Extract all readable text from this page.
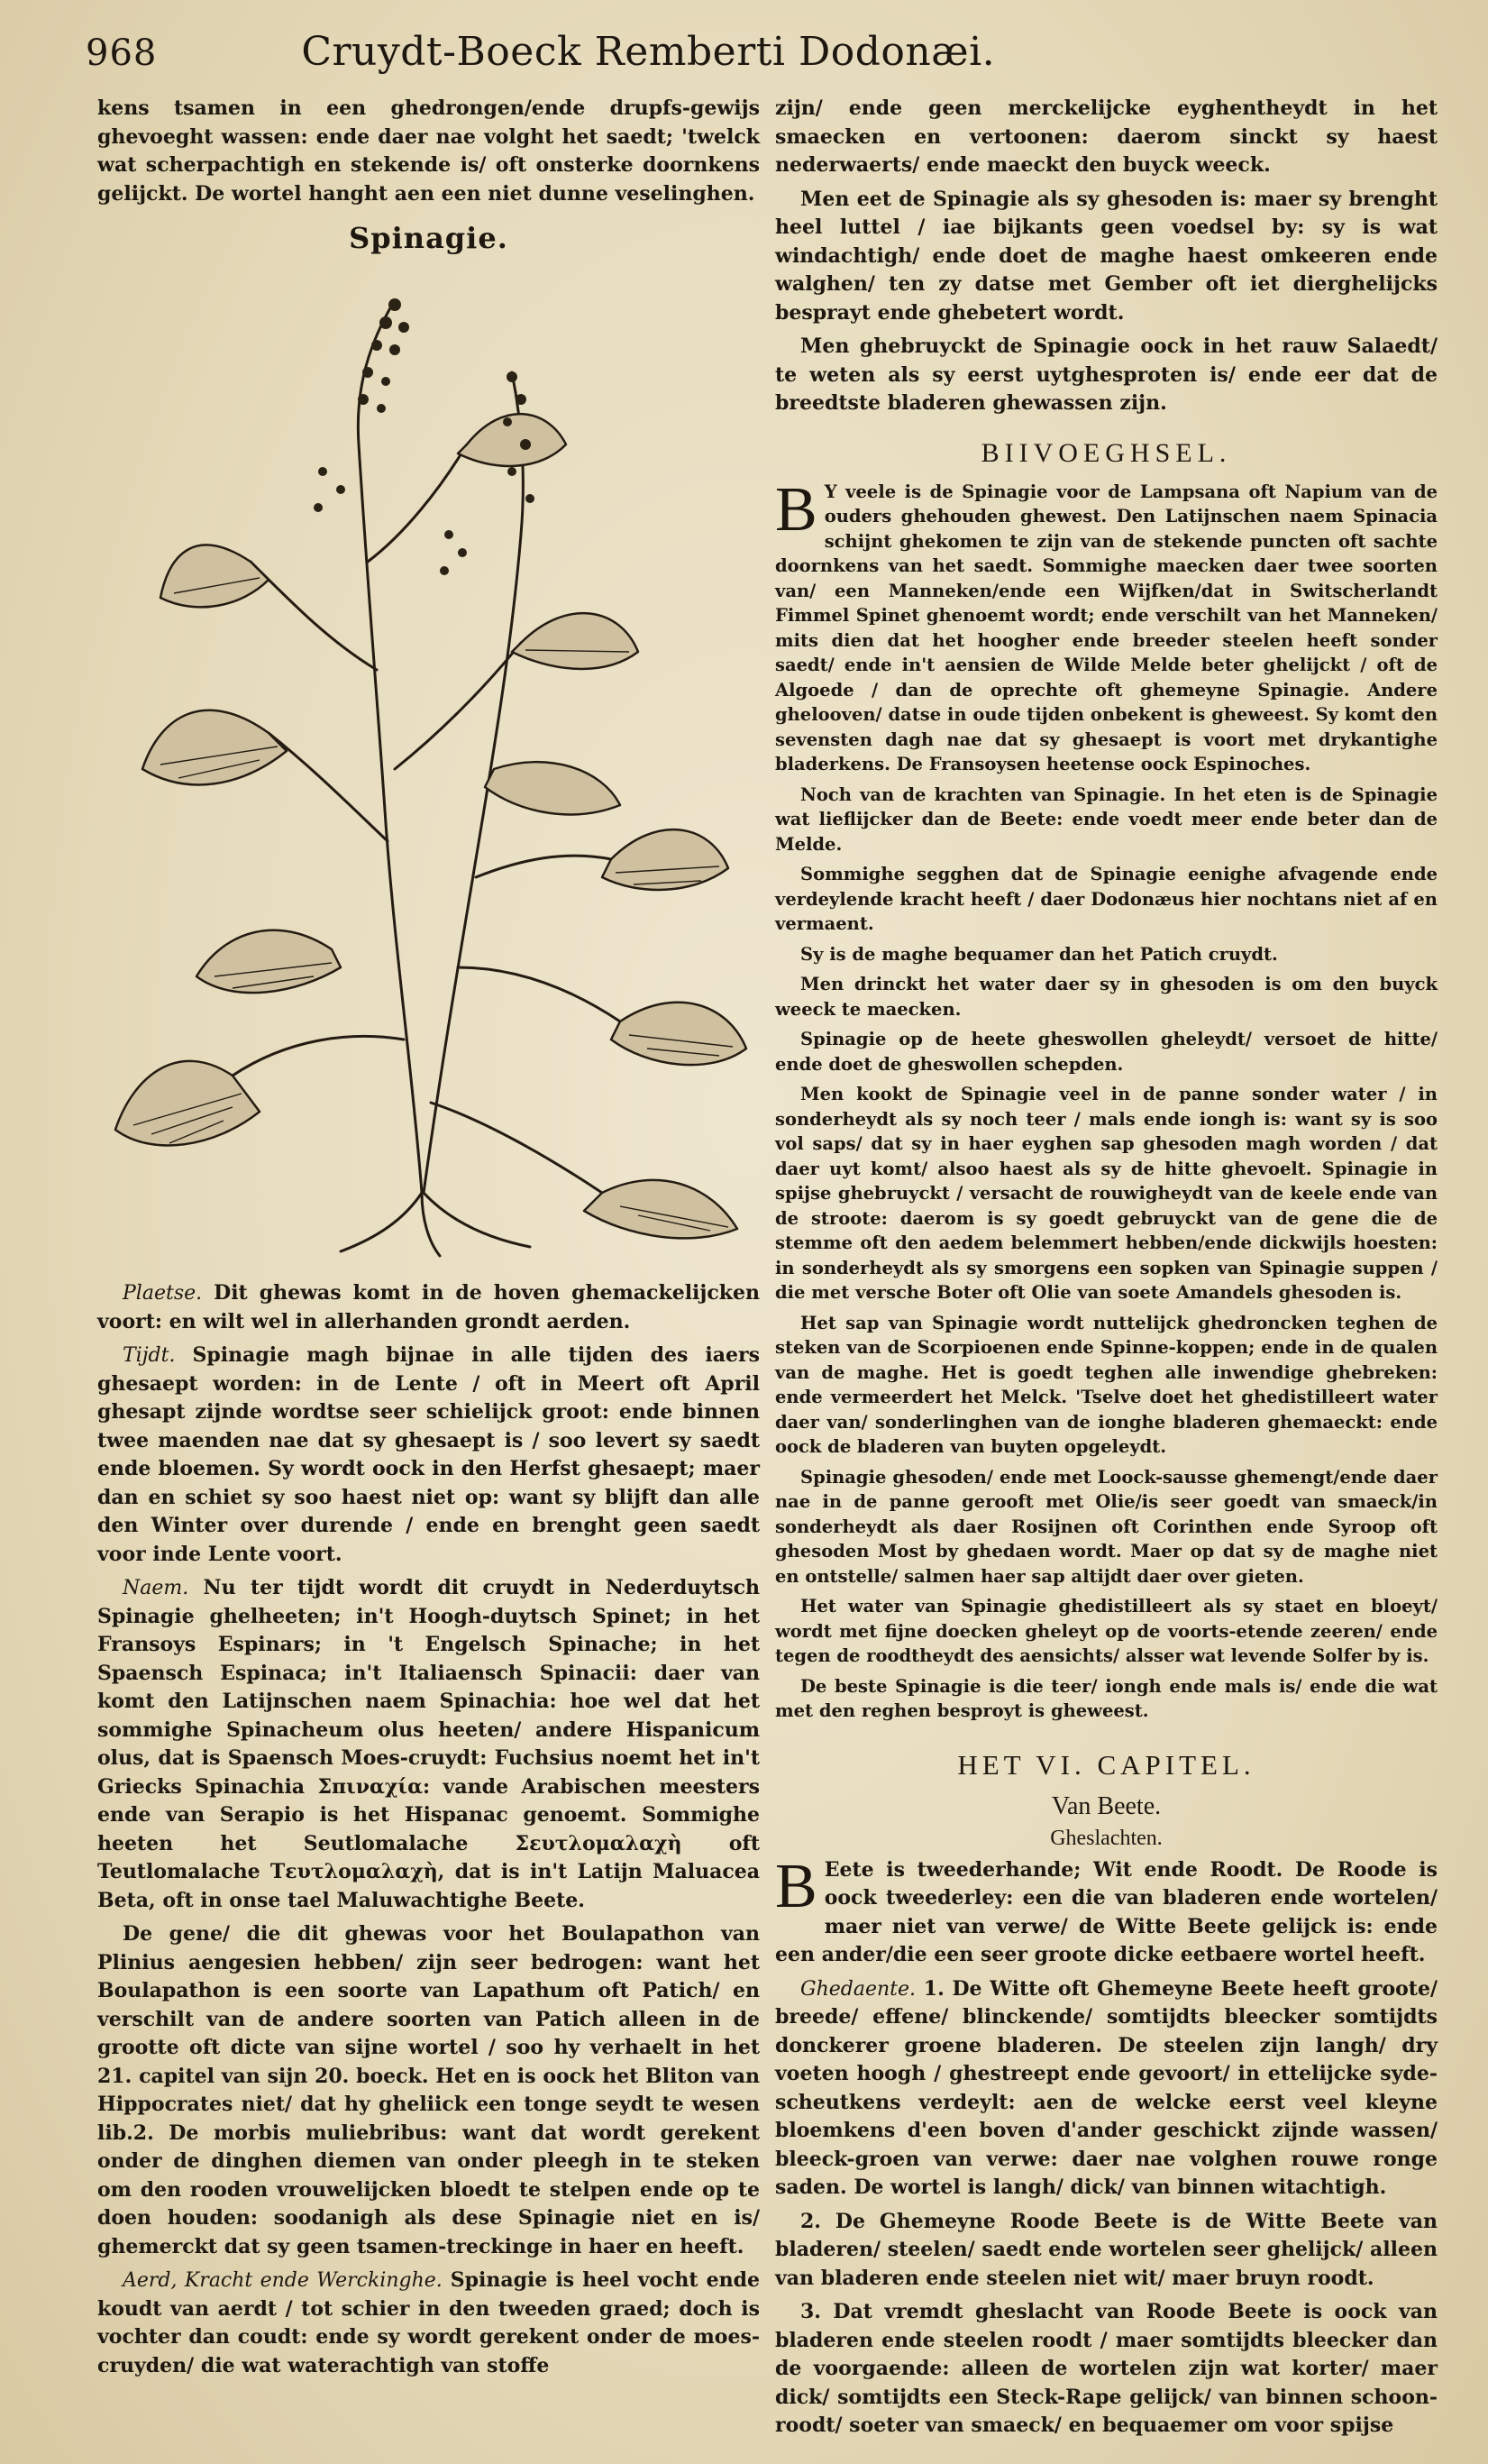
968	Cruydt-Boeck Remberti Dodonæi.

kens tsamen in een ghedrongen/ende drupfs-gewijs ghevoeght wassen: ende daer nae volght het saedt; 'twelck wat scherpachtigh en stekende is/ oft onsterke doornkens gelijckt. De wortel hanght aen een niet dunne veselinghen.

Spinagie.

Plaetse. Dit ghewas komt in de hoven ghemackelijcken voort: en wilt wel in allerhanden grondt aerden.

Tijdt. Spinagie magh bijnae in alle tijden des iaers ghesaept worden: in de Lente / oft in Meert oft April ghesapt zijnde wordtse seer schielijck groot: ende binnen twee maenden nae dat sy ghesaept is / soo levert sy saedt ende bloemen. Sy wordt oock in den Herfst ghesaept; maer dan en schiet sy soo haest niet op: want sy blijft dan alle den Winter over durende / ende en brenght geen saedt voor inde Lente voort.

Naem. Nu ter tijdt wordt dit cruydt in Nederduytsch Spinagie ghelheeten; in't Hoogh-duytsch Spinet; in het Fransoys Espinars; in 't Engelsch Spinache; in het Spaensch Espinaca; in't Italiaensch Spinacii: daer van komt den Latijnschen naem Spinachia: hoe wel dat het sommighe Spinacheum olus heeten/ andere Hispanicum olus, dat is Spaensch Moes-cruydt: Fuchsius noemt het in't Griecks Spinachia Σπιναχία: vande Arabischen meesters ende van Serapio is het Hispanac genoemt. Sommighe heeten het Seutlomalache Σευτλομαλαχὴ oft Teutlomalache Τευτλομαλαχὴ, dat is in't Latijn Maluacea Beta, oft in onse tael Maluwachtighe Beete.

De gene/ die dit ghewas voor het Boulapathon van Plinius aengesien hebben/ zijn seer bedrogen: want het Boulapathon is een soorte van Lapathum oft Patich/ en verschilt van de andere soorten van Patich alleen in de grootte oft dicte van sijne wortel / soo hy verhaelt in het 21. capitel van sijn 20. boeck. Het en is oock het Bliton van Hippocrates niet/ dat hy gheliick een tonge seydt te wesen lib.2. De morbis muliebribus: want dat wordt gerekent onder de dinghen diemen van onder pleegh in te steken om den rooden vrouwelijcken bloedt te stelpen ende op te doen houden: soodanigh als dese Spinagie niet en is/ ghemerckt dat sy geen tsamen-treckinge in haer en heeft.

Aerd, Kracht ende Werckinghe. Spinagie is heel vocht ende koudt van aerdt / tot schier in den tweeden graed; doch is vochter dan coudt: ende sy wordt gerekent onder de moes-cruyden/ die wat waterachtigh van stoffe

zijn/ ende geen merckelijcke eyghentheydt in het smaecken en vertoonen: daerom sinckt sy haest nederwaerts/ ende maeckt den buyck weeck.

Men eet de Spinagie als sy ghesoden is: maer sy brenght heel luttel / iae bijkants geen voedsel by: sy is wat windachtigh/ ende doet de maghe haest omkeeren ende walghen/ ten zy datse met Gember oft iet dierghelijcks besprayt ende ghebetert wordt.

Men ghebruyckt de Spinagie oock in het rauw Salaedt/ te weten als sy eerst uytghesproten is/ ende eer dat de breedtste bladeren ghewassen zijn.

BIIVOEGHSEL.

B Y veele is de Spinagie voor de Lampsana oft Napium van de ouders ghehouden ghewest. Den Latijnschen naem Spinacia schijnt ghekomen te zijn van de stekende puncten oft sachte doornkens van het saedt. Sommighe maecken daer twee soorten van/ een Manneken/ende een Wijfken/dat in Switscherlandt Fimmel Spinet ghenoemt wordt; ende verschilt van het Manneken/ mits dien dat het hoogher ende breeder steelen heeft sonder saedt/ ende in't aensien de Wilde Melde beter ghelijckt / oft de Algoede / dan de oprechte oft ghemeyne Spinagie. Andere ghelooven/ datse in oude tijden onbekent is gheweest. Sy komt den sevensten dagh nae dat sy ghesaept is voort met drykantighe bladerkens. De Fransoysen heetense oock Espinoches.

Noch van de krachten van Spinagie. In het eten is de Spinagie wat lieflijcker dan de Beete: ende voedt meer ende beter dan de Melde.

Sommighe segghen dat de Spinagie eenighe afvagende ende verdeylende kracht heeft / daer Dodonæus hier nochtans niet af en vermaent.

Sy is de maghe bequamer dan het Patich cruydt.

Men drinckt het water daer sy in ghesoden is om den buyck weeck te maecken.

Spinagie op de heete gheswollen gheleydt/ versoet de hitte/ ende doet de gheswollen schepden.

Men kookt de Spinagie veel in de panne sonder water / in sonderheydt als sy noch teer / mals ende iongh is: want sy is soo vol saps/ dat sy in haer eyghen sap ghesoden magh worden / dat daer uyt komt/ alsoo haest als sy de hitte ghevoelt. Spinagie in spijse ghebruyckt / versacht de rouwigheydt van de keele ende van de stroote: daerom is sy goedt gebruyckt van de gene die de stemme oft den aedem belemmert hebben/ende dickwijls hoesten: in sonderheydt als sy smorgens een sopken van Spinagie suppen / die met versche Boter oft Olie van soete Amandels ghesoden is.

Het sap van Spinagie wordt nuttelijck ghedroncken teghen de steken van de Scorpioenen ende Spinne-koppen; ende in de qualen van de maghe. Het is goedt teghen alle inwendige ghebreken: ende vermeerdert het Melck. 'Tselve doet het ghedistilleert water daer van/ sonderlinghen van de ionghe bladeren ghemaeckt: ende oock de bladeren van buyten opgeleydt.

Spinagie ghesoden/ ende met Loock-sausse ghemengt/ende daer nae in de panne gerooft met Olie/is seer goedt van smaeck/in sonderheydt als daer Rosijnen oft Corinthen ende Syroop oft ghesoden Most by ghedaen wordt. Maer op dat sy de maghe niet en ontstelle/ salmen haer sap altijdt daer over gieten.

Het water van Spinagie ghedistilleert als sy staet en bloeyt/ wordt met fijne doecken gheleyt op de voorts-etende zeeren/ ende tegen de roodtheydt des aensichts/ alsser wat levende Solfer by is.

De beste Spinagie is die teer/ iongh ende mals is/ ende die wat met den reghen besproyt is gheweest.

HET VI. CAPITEL.
Van Beete.
Gheslachten.

B Eete is tweederhande; Wit ende Roodt. De Roode is oock tweederley: een die van bladeren ende wortelen/ maer niet van verwe/ de Witte Beete gelijck is: ende een ander/die een seer groote dicke eetbaere wortel heeft.

Ghedaente. 1. De Witte oft Ghemeyne Beete heeft groote/ breede/ effene/ blinckende/ somtijdts bleecker somtijdts donckerer groene bladeren. De steelen zijn langh/ dry voeten hoogh / ghestreept ende gevoort/ in ettelijcke syde-scheutkens verdeylt: aen de welcke eerst veel kleyne bloemkens d'een boven d'ander geschickt zijnde wassen/ bleeck-groen van verwe: daer nae volghen rouwe ronge saden. De wortel is langh/ dick/ van binnen witachtigh.

2. De Ghemeyne Roode Beete is de Witte Beete van bladeren/ steelen/ saedt ende wortelen seer ghelijck/ alleen van bladeren ende steelen niet wit/ maer bruyn roodt.

3. Dat vremdt gheslacht van Roode Beete is oock van bladeren ende steelen roodt / maer somtijdts bleecker dan de voorgaende: alleen de wortelen zijn wat korter/ maer dick/ somtijdts een Steck-Rape gelijck/ van binnen schoon-roodt/ soeter van smaeck/ en bequaemer om voor spijse
